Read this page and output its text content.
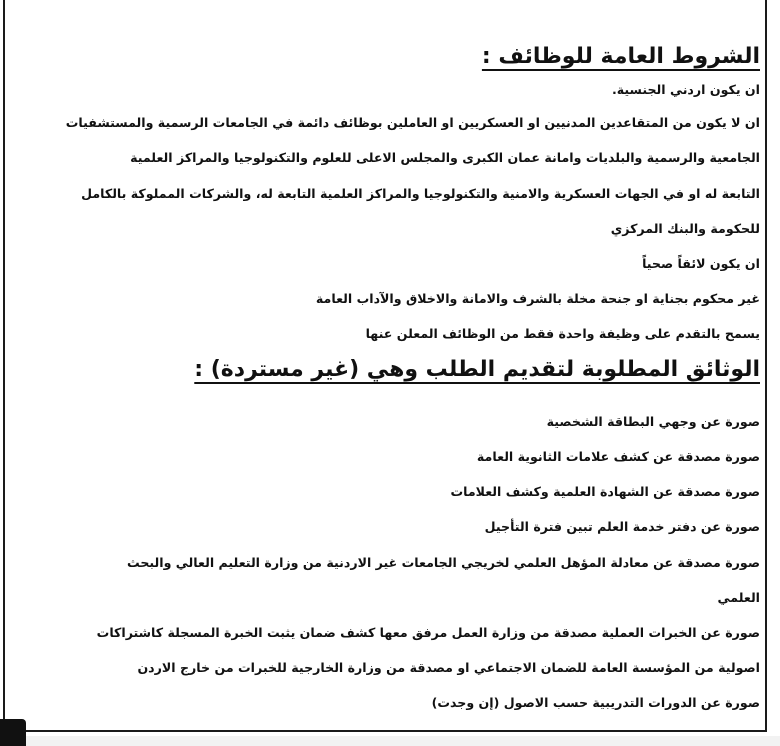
الشروط العامة للوظائف :
ان يكون اردني الجنسية.
ان لا يكون من المتقاعدين المدنيين او العسكريين او العاملين بوظائف دائمة في الجامعات الرسمية والمستشفيات
الجامعية والرسمية والبلديات وامانة عمان الكبرى والمجلس الاعلى للعلوم والتكنولوجيا والمراكز العلمية
التابعة له او في الجهات العسكرية والامنية والتكنولوجيا والمراكز العلمية التابعة له، والشركات المملوكة بالكامل
للحكومة والبنك المركزي
ان يكون لائقاً صحياً
غير محكوم بجناية او جنحة مخلة بالشرف والامانة والاخلاق والآداب العامة
يسمح بالتقدم على وظيفة واحدة فقط من الوظائف المعلن عنها
الوثائق المطلوبة لتقديم الطلب وهي (غير مستردة) :
صورة عن وجهي البطاقة الشخصية
صورة مصدقة عن كشف علامات الثانوية العامة
صورة مصدقة عن الشهادة العلمية وكشف العلامات
صورة عن دفتر خدمة العلم تبين فترة التأجيل
صورة مصدقة عن معادلة المؤهل العلمي لخريجي الجامعات غير الاردنية من وزارة التعليم العالي والبحث
العلمي
صورة عن الخبرات العملية مصدقة من وزارة العمل مرفق معها كشف ضمان يثبت الخبرة المسجلة كاشتراكات
اصولية من المؤسسة العامة للضمان الاجتماعي او مصدقة من وزارة الخارجية للخبرات من خارج الاردن
صورة عن الدورات التدريبية حسب الاصول (إن وجدت)
